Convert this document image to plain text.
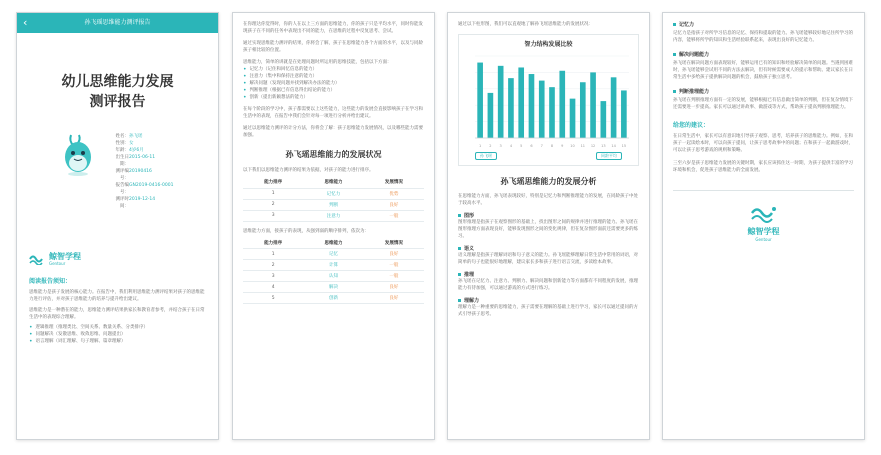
‹	孙飞瑶思维能力测评报告
幼儿思维能力发展
测评报告
姓名： 孙飞瑶
性别： 女
年龄： 4岁6月
出生日期：
2015-06-11
测评编号：
20190416
报告编号：
GN2019-0416-0001
测评时间：
2019-12-14
鲸智学程
Gentour
阅读报告须知：
思维能力是孩子发展的核心能力。在报告中，我们利用思维能力测评结果对孩子的思维能力进行评估，并对孩子思维能力的培养与提升给出建议。
思维能力是一种潜在的能力，思维能力测评结果供家长和教育者参考，并结合孩子在日常生活中的表现综合理解。
• 逻辑推理（推理类比、空间关系、数量关系、分类排序）
• 问题解决（发散思维、收敛思维、问题提出）
• 语言理解（词汇理解、句子理解、篇章理解）
在你理达你觉得时，你的人在以上三方面的思维能力，你的孩子只是平均水平，同时你能发现孩子在不同的任务中表现出不同的能力，在思维的过程中反复思考、尝试。
通过实现思维能力测评的结果，你将会了解，孩子在思维能力各个方面的水平，以及与同龄孩子相比较的位置。
思维能力，简单的讲就是在处理问题时所运用的思维技能，包括以下方面：
• 记忆力（记住和回忆信息的能力）
• 注意力（集中和保持注意的能力）
• 解决问题（发现问题并找到解决办法的能力）
• 判断推理（根据已有信息得出结论的能力）
• 创新（提出新颖想法的能力）
在每个阶段的学习中，孩子都需要以上这些能力，这些能力的发展会直接影响孩子在学习和生活中的表现，在报告中我们会针对每一项进行分析并给出建议。
通过以思维能力测评的计分方法，你将会了解：孩子思维能力发展情况，以及哪些能力需要加强。
孙飞瑶思维能力的发展状况
以下我们以思维能力测评的结果为依据，对孩子的能力进行排序。
能力排序	思维能力	发展情况
1	记忆力	优势
2	判断	良好
3	注意力	一般
思维能力方面，接孩子的表现，从强到弱的顺序排列，依次为：
能力排序	思维能力	发展情况
1	记忆	良好
2	计算	一般
3	认知	一般
4	解决	良好
5	创新	良好
通过以下柱形图，我们可以直观地了解孙飞瑶思维能力的发展状况：
智力结构发展比较
1 2 3 4 5 6 7 8 9 10 11 12 13 14 15
孙飞瑶	同龄平均
孙飞瑶思维能力的发展分析
在思维能力方面，孙飞瑶表现较好，特别是记忆力和判断推理能力的发展，在同龄孩子中处于较高水平。
图形
图形推理是指孩子在观察图形的基础上，找出图形之间的规律并进行推理的能力。孙飞瑶在图形推理方面表现良好，能够发现图形之间的变化规律，但在复杂图形面前还需要更多的练习。
语义
语义理解是指孩子理解词语和句子意义的能力。孙飞瑶能够理解日常生活中常用的词语，对简单的句子也能很好地理解，建议家长多和孩子进行语言交流，多读绘本故事。
推理
孙飞瑶在记忆力、注意力、判断力、解决问题和创新能力等方面都有不同程度的发展，推理能力有待加强，可以通过游戏的方式进行练习。
理解力
理解力是一种重要的思维能力，孩子需要在理解的基础上进行学习，家长可以通过提问的方式引导孩子思考。
记忆力
记忆力是指孩子对所学习信息的记忆、保持和提取的能力。孙飞瑶能够较好地记住所学习的内容，能够将所学的知识和生活经验联系起来，表现出良好的记忆能力。
解决问题能力
孙飞瑶在解决问题方面表现较好，能够运用已有的知识和经验解决简单的问题。当遇到困难时，孙飞瑶能够尝试用不同的方法去解决，但有时候需要成人的提示和帮助。建议家长在日常生活中多给孩子提供解决问题的机会，鼓励孩子独立思考。
判断推理能力
孙飞瑶在判断推理方面有一定的发展，能够根据已有信息做出简单的判断，但在复杂情境下还需要进一步提高。家长可以通过讲故事、做游戏等方式，帮助孩子提高判断推理能力。
给您的建议：
在日常生活中，家长可以有意识地引导孩子观察、思考，培养孩子的思维能力。例如，在和孩子一起读绘本时，可以向孩子提问，让孩子思考故事中的问题；在和孩子一起做游戏时，可以让孩子思考游戏的规则和策略。
三至六岁是孩子思维能力发展的关键时期，家长应该抓住这一时期，为孩子提供丰富的学习环境和机会，促进孩子思维能力的全面发展。
鲸智学程
Gentour
